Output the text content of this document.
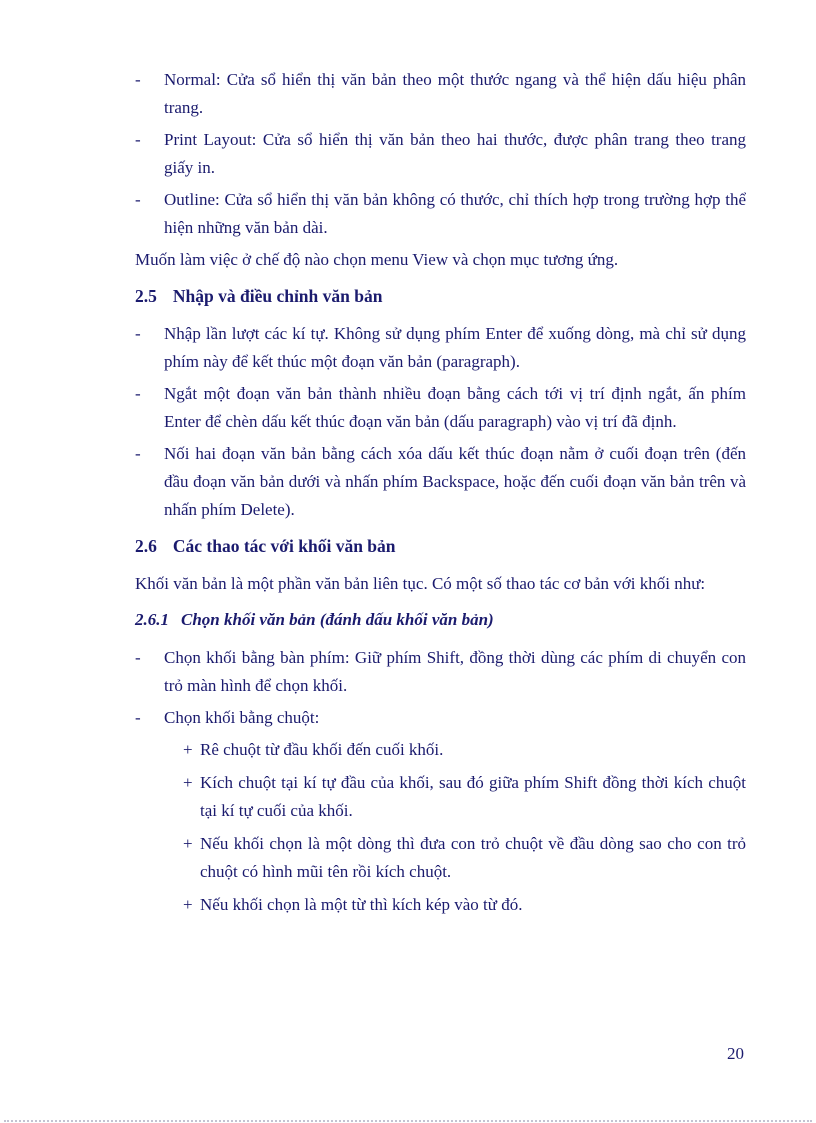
-	Normal: Cửa sổ hiển thị văn bản theo một thước ngang và thể hiện dấu hiệu phân trang.
-	Print Layout: Cửa sổ hiển thị văn bản theo hai thước, được phân trang theo trang giấy in.
-	Outline: Cửa sổ hiển thị văn bản không có thước, chỉ thích hợp trong trường hợp thể hiện những văn bản dài.

Muốn làm việc ở chế độ nào chọn menu View và chọn mục tương ứng.

2.5 Nhập và điều chỉnh văn bản
-	Nhập lần lượt các kí tự. Không sử dụng phím Enter để xuống dòng, mà chỉ sử dụng phím này để kết thúc một đoạn văn bản (paragraph).
-	Ngắt một đoạn văn bản thành nhiều đoạn bằng cách tới vị trí định ngắt, ấn phím Enter để chèn dấu kết thúc đoạn văn bản (dấu paragraph) vào vị trí đã định.
-	Nối hai đoạn văn bản bằng cách xóa dấu kết thúc đoạn nằm ở cuối đoạn trên (đến đầu đoạn văn bản dưới và nhấn phím Backspace, hoặc đến cuối đoạn văn bản trên và nhấn phím Delete).
2.6 Các thao tác với khối văn bản

Khối văn bản là một phần văn bản liên tục. Có một số thao tác cơ bản với khối như:

2.6.1 Chọn khối văn bản (đánh dấu khối văn bản)
-	Chọn khối bằng bàn phím: Giữ phím Shift, đồng thời dùng các phím di chuyển con trỏ màn hình để chọn khối.
-	Chọn khối bằng chuột:
+ Rê chuột từ đầu khối đến cuối khối.
+ Kích chuột tại kí tự đầu của khối, sau đó giữa phím Shift đồng thời kích chuột tại kí tự cuối của khối.
+ Nếu khối chọn là một dòng thì đưa con trỏ chuột về đầu dòng sao cho con trỏ chuột có hình mũi tên rồi kích chuột.
+ Nếu khối chọn là một từ thì kích kép vào từ đó.
20
